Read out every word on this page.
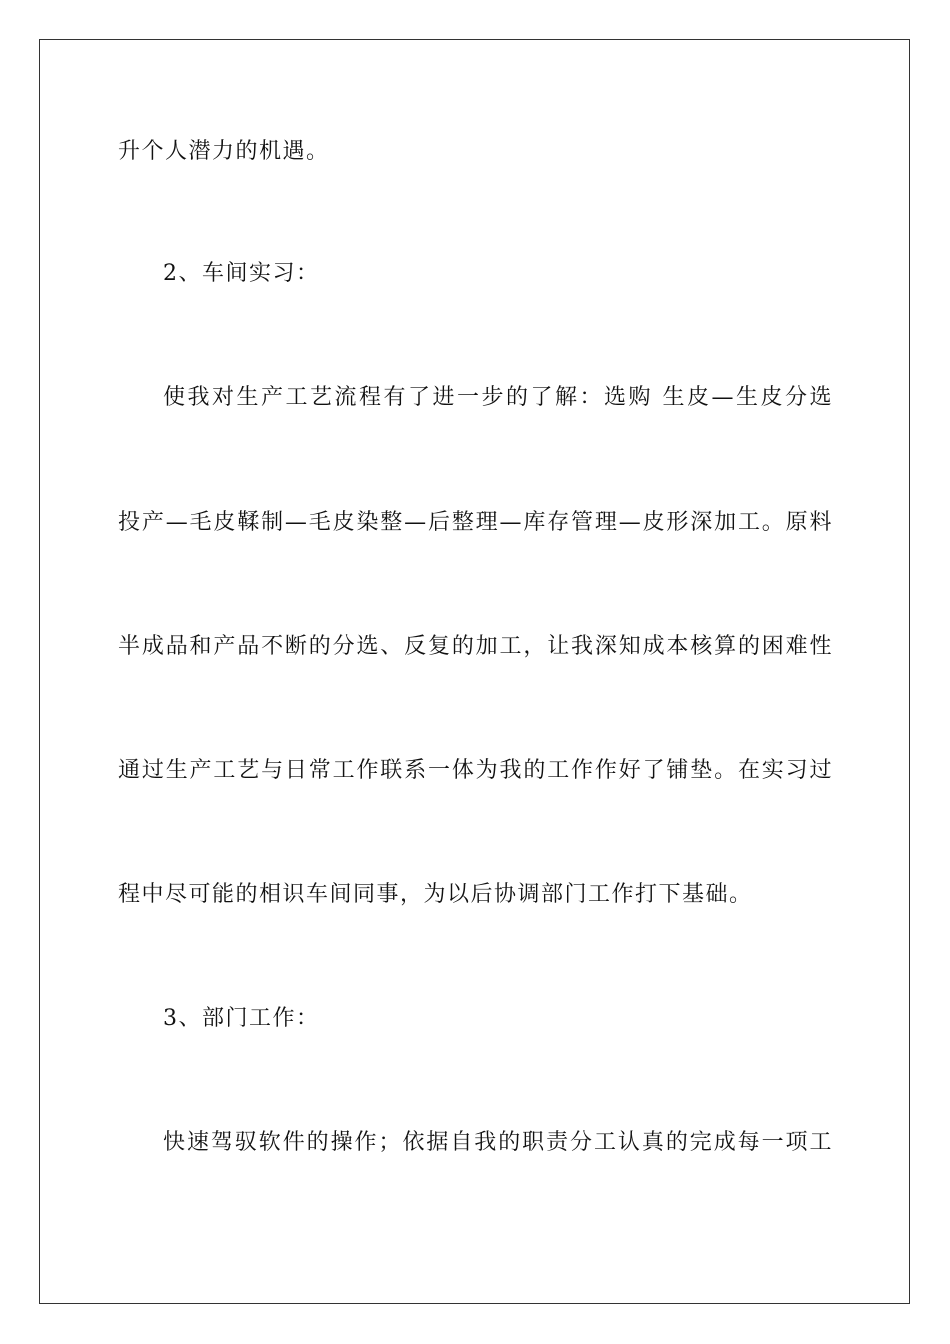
升个人潜力的机遇。
2、车间实习：
使我对生产工艺流程有了进一步的了解：选购 生皮—生皮分选
投产—毛皮鞣制—毛皮染整—后整理—库存管理—皮形深加工。原料
半成品和产品不断的分选、反复的加工，让我深知成本核算的困难性
通过生产工艺与日常工作联系一体为我的工作作好了铺垫。在实习过
程中尽可能的相识车间同事，为以后协调部门工作打下基础。
3、部门工作：
快速驾驭软件的操作；依据自我的职责分工认真的完成每一项工
